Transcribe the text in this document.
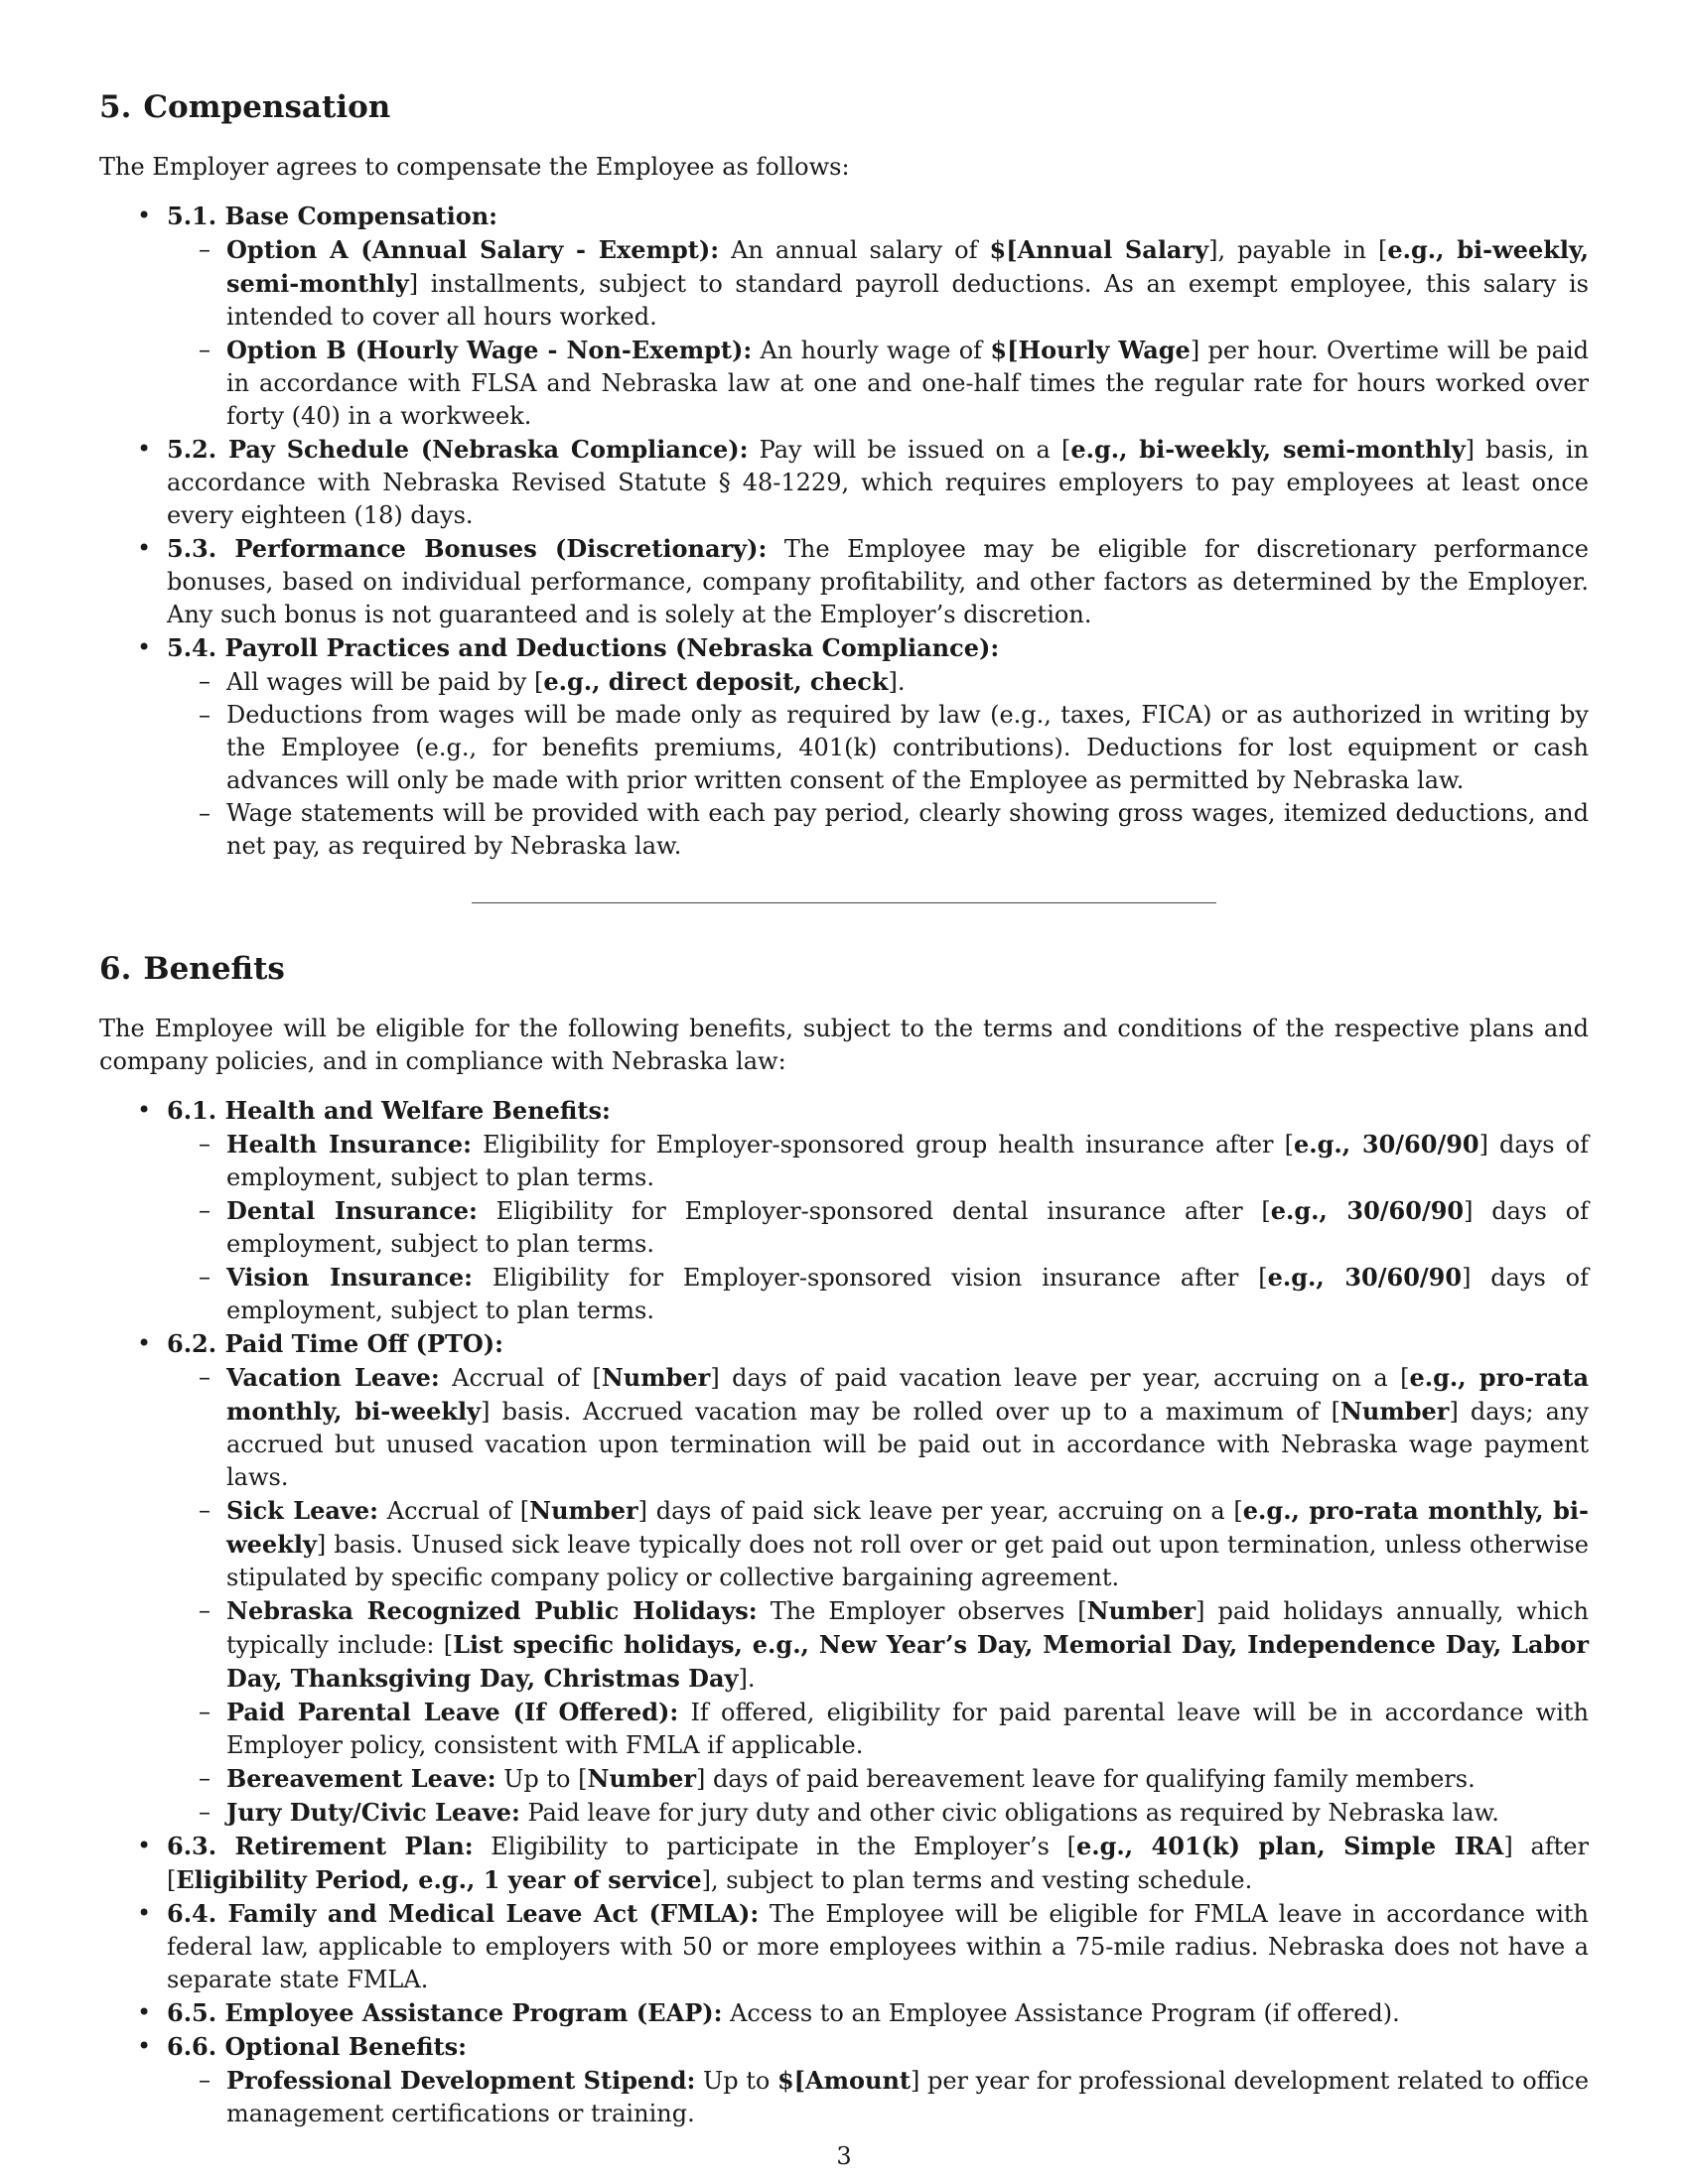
5. Compensation

The Employer agrees to compensate the Employee as follows:

• 5.1. Base Compensation:
– Option A (Annual Salary - Exempt): An annual salary of $[Annual Salary], payable in [e.g., bi-weekly, semi-monthly] installments, subject to standard payroll deductions. As an exempt employee, this salary is intended to cover all hours worked.
– Option B (Hourly Wage - Non-Exempt): An hourly wage of $[Hourly Wage] per hour. Overtime will be paid in accordance with FLSA and Nebraska law at one and one-half times the regular rate for hours worked over forty (40) in a workweek.
• 5.2. Pay Schedule (Nebraska Compliance): Pay will be issued on a [e.g., bi-weekly, semi-monthly] basis, in accordance with Nebraska Revised Statute § 48-1229, which requires employers to pay employees at least once every eighteen (18) days.
• 5.3. Performance Bonuses (Discretionary): The Employee may be eligible for discretionary performance bonuses, based on individual performance, company profitability, and other factors as determined by the Employer. Any such bonus is not guaranteed and is solely at the Employer’s discretion.
• 5.4. Payroll Practices and Deductions (Nebraska Compliance):
– All wages will be paid by [e.g., direct deposit, check].
– Deductions from wages will be made only as required by law (e.g., taxes, FICA) or as authorized in writing by the Employee (e.g., for benefits premiums, 401(k) contributions). Deductions for lost equipment or cash advances will only be made with prior written consent of the Employee as permitted by Nebraska law.
– Wage statements will be provided with each pay period, clearly showing gross wages, itemized deductions, and net pay, as required by Nebraska law.
6. Benefits

The Employee will be eligible for the following benefits, subject to the terms and conditions of the respective plans and company policies, and in compliance with Nebraska law:

• 6.1. Health and Welfare Benefits:
– Health Insurance: Eligibility for Employer-sponsored group health insurance after [e.g., 30/60/90] days of employment, subject to plan terms.
– Dental Insurance: Eligibility for Employer-sponsored dental insurance after [e.g., 30/60/90] days of employment, subject to plan terms.
– Vision Insurance: Eligibility for Employer-sponsored vision insurance after [e.g., 30/60/90] days of employment, subject to plan terms.
• 6.2. Paid Time Off (PTO):
– Vacation Leave: Accrual of [Number] days of paid vacation leave per year, accruing on a [e.g., pro-rata monthly, bi-weekly] basis. Accrued vacation may be rolled over up to a maximum of [Number] days; any accrued but unused vacation upon termination will be paid out in accordance with Nebraska wage payment laws.
– Sick Leave: Accrual of [Number] days of paid sick leave per year, accruing on a [e.g., pro-rata monthly, bi-weekly] basis. Unused sick leave typically does not roll over or get paid out upon termination, unless otherwise stipulated by specific company policy or collective bargaining agreement.
– Nebraska Recognized Public Holidays: The Employer observes [Number] paid holidays annually, which typically include: [List specific holidays, e.g., New Year’s Day, Memorial Day, Independence Day, Labor Day, Thanksgiving Day, Christmas Day].
– Paid Parental Leave (If Offered): If offered, eligibility for paid parental leave will be in accordance with Employer policy, consistent with FMLA if applicable.
– Bereavement Leave: Up to [Number] days of paid bereavement leave for qualifying family members.
– Jury Duty/Civic Leave: Paid leave for jury duty and other civic obligations as required by Nebraska law.
• 6.3. Retirement Plan: Eligibility to participate in the Employer’s [e.g., 401(k) plan, Simple IRA] after [Eligibility Period, e.g., 1 year of service], subject to plan terms and vesting schedule.
• 6.4. Family and Medical Leave Act (FMLA): The Employee will be eligible for FMLA leave in accordance with federal law, applicable to employers with 50 or more employees within a 75-mile radius. Nebraska does not have a separate state FMLA.
• 6.5. Employee Assistance Program (EAP): Access to an Employee Assistance Program (if offered).
• 6.6. Optional Benefits:
– Professional Development Stipend: Up to $[Amount] per year for professional development related to office management certifications or training.
3
